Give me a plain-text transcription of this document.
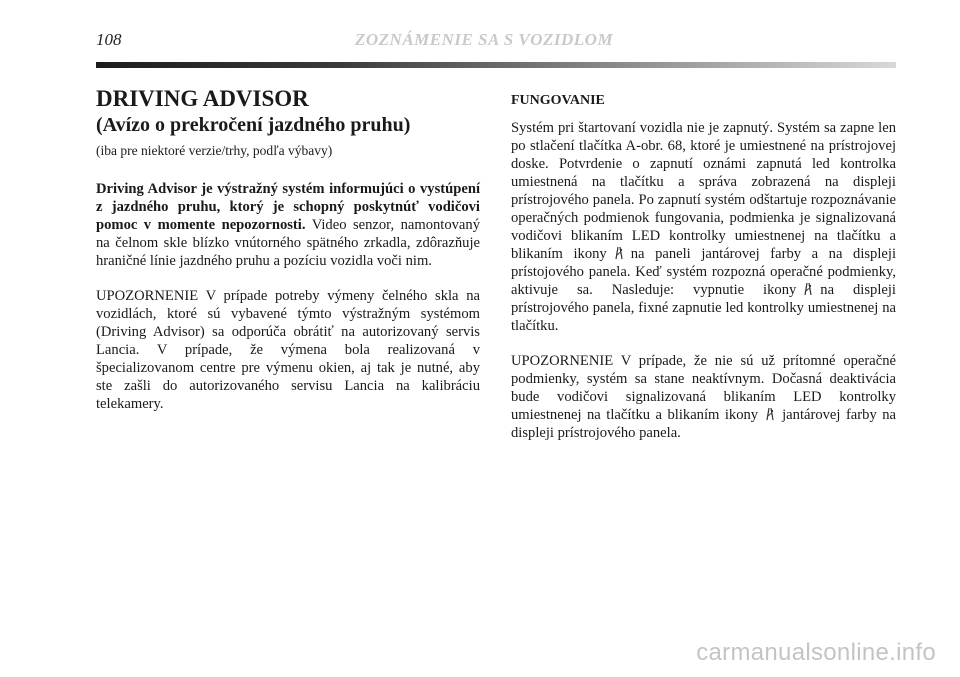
108	ZOZNÁMENIE SA S VOZIDLOM
DRIVING ADVISOR
(Avízo o prekročení jazdného pruhu)
(iba pre niektoré verzie/trhy, podľa výbavy)

Driving Advisor je výstražný systém informujúci o vystúpení z jazdného pruhu, ktorý je schopný poskytnúť vodičovi pomoc v momente nepozornosti. Video senzor, namontovaný na čelnom skle blízko vnútorného spätného zrkadla, zdôrazňuje hraničné línie jazdného pruhu a pozíciu vozidla voči nim.

UPOZORNENIE V prípade potreby výmeny čelného skla na vozidlách, ktoré sú vybavené týmto výstražným systémom (Driving Advisor) sa odporúča obrátiť na autorizovaný servis Lancia. V prípade, že výmena bola realizovaná v špecializovanom centre pre výmenu okien, aj tak je nutné, aby ste zašli do autorizovaného servisu Lancia na kalibráciu telekamery.

FUNGOVANIE

Systém pri štartovaní vozidla nie je zapnutý. Systém sa zapne len po stlačení tlačítka A-obr. 68, ktoré je umiestnené na prístrojovej doske. Potvrdenie o zapnutí oznámi zapnutá led kontrolka umiestnená na tlačítku a správa zobrazená na displeji prístrojového panela. Po zapnutí systém odštartuje rozpoznávanie operačných podmienok fungovania, podmienka je signalizovaná vodičovi blikaním LED kontrolky umiestnenej na tlačítku a blikaním ikony na paneli jantárovej farby a na displeji prístojového panela. Keď systém rozpozná operačné podmienky, aktivuje sa. Nasleduje: vypnutie ikony na displeji prístrojového panela, fixné zapnutie led kontrolky umiestnenej na tlačítku.

UPOZORNENIE V prípade, že nie sú už prítomné operačné podmienky, systém sa stane neaktívnym. Dočasná deaktivácia bude vodičovi signalizovaná blikaním LED kontrolky umiestnenej na tlačítku a blikaním ikony jantárovej farby na displeji prístrojového panela.

carmanualsonline.info
